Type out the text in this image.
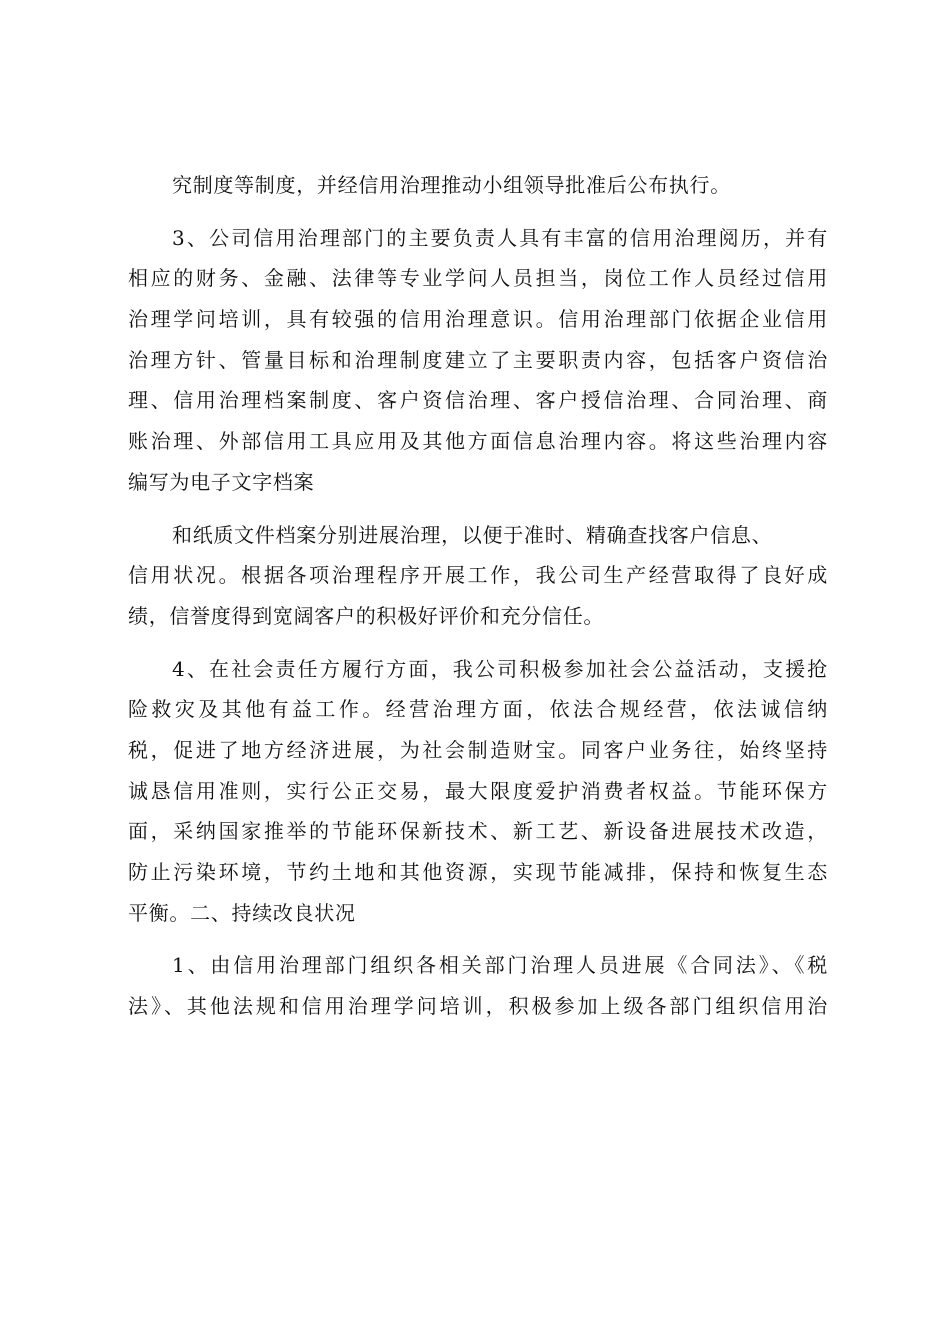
究制度等制度，并经信用治理推动小组领导批准后公布执行。
3、公司信用治理部门的主要负责人具有丰富的信用治理阅历，并有
相应的财务、金融、法律等专业学问人员担当，岗位工作人员经过信用
治理学问培训，具有较强的信用治理意识。信用治理部门依据企业信用
治理方针、管量目标和治理制度建立了主要职责内容，包括客户资信治
理、信用治理档案制度、客户资信治理、客户授信治理、合同治理、商
账治理、外部信用工具应用及其他方面信息治理内容。将这些治理内容
编写为电子文字档案
和纸质文件档案分别进展治理，以便于准时、精确查找客户信息、
信用状况。根据各项治理程序开展工作，我公司生产经营取得了良好成
绩，信誉度得到宽阔客户的积极好评价和充分信任。
4、在社会责任方履行方面，我公司积极参加社会公益活动，支援抢
险救灾及其他有益工作。经营治理方面，依法合规经营，依法诚信纳
税，促进了地方经济进展，为社会制造财宝。同客户业务往，始终坚持
诚恳信用准则，实行公正交易，最大限度爱护消费者权益。节能环保方
面，采纳国家推举的节能环保新技术、新工艺、新设备进展技术改造，
防止污染环境，节约土地和其他资源，实现节能减排，保持和恢复生态
平衡。二、持续改良状况
1、由信用治理部门组织各相关部门治理人员进展《合同法》、《税
法》、其他法规和信用治理学问培训，积极参加上级各部门组织信用治
